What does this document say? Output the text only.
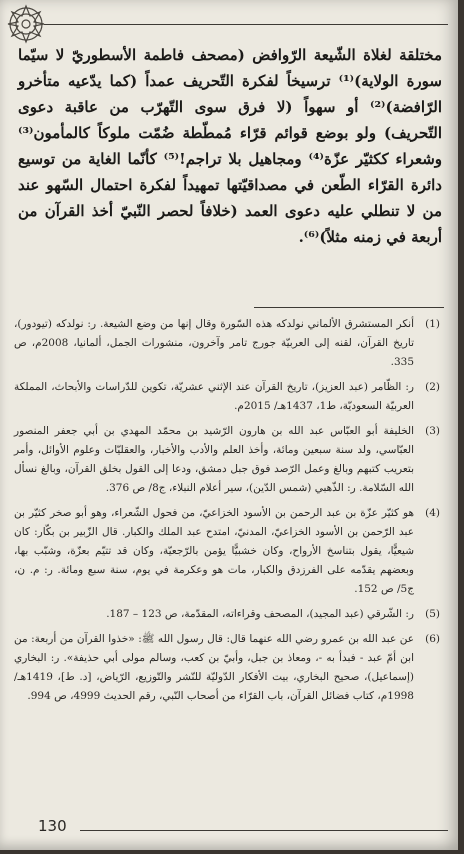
مختلقة لغلاة الشّيعة الرّوافض (مصحف فاطمة الأسطوريّ لا سيّما سورة الولاية)⁽¹⁾ ترسيخاً لفكرة التّحريف عمداً (كما يدّعيه متأخرو الرّافضة)⁽²⁾ أو سهواً (لا فرق سوى التّهرّب من عاقبة دعوى التّحريف) ولو بوضع قوائم قرّاء مُمطّطة ضُمّت ملوكاً كالمأمون⁽³⁾ وشعراء ككثيّر عزّة⁽⁴⁾ ومجاهيل بلا تراجم!⁽⁵⁾ كأنّما الغاية من توسيع دائرة القرّاء الطّعن في مصداقيّتها تمهيداً لفكرة احتمال السّهو عند من لا تنطلي عليه دعوى العمد (خلافاً لحصر النّبيّ أخذ القرآن من أربعة في زمنه مثلاً)⁽⁶⁾.

(1)
أنكر المستشرق الألماني نولدكه هذه السّورة وقال إنها من وضع الشيعة. ر: نولدكه (تيودور)، تاريخ القرآن، لقنه إلى العربيّة جورج تامر وآخرون، منشورات الجمل، ألمانيا، 2008م، ص 335.
(2)
ر: الظّامر (عبد العزيز)، تاريخ القرآن عند الإثني عشريّة، تكوين للدّراسات والأبحاث، المملكة العربيّة السعوديّة، ط1، 1437هـ/ 2015م.
(3)
الخليفة أبو العبّاس عبد الله بن هارون الرّشيد بن محمّد المهدي بن أبي جعفر المنصور العبّاسي، ولد سنة سبعين ومائة، وأخذ العلم والأدب والأخبار، والعقليّات وعلوم الأوائل، وأمر بتعريب كتبهم وبالغ وعمل الرّصد فوق جبل دمشق، ودعا إلى القول بخلق القرآن، وبالغ نسأل الله السّلامة. ر: الذّهبي (شمس الدّين)، سير أعلام النبلاء، ج8/ ص 376.
(4)
هو كثيّر عزّة بن عبد الرحمن بن الأسود الخزاعيّ، من فحول الشّعراء، وهو أبو صخر كثيّر بن عبد الرّحمن بن الأسود الخزاعيّ، المدنيّ، امتدح عبد الملك والكبار. قال الزّبير بن بكّار: كان شيعيًّا، يقول بتناسخ الأرواح، وكان خشبيًّا يؤمن بالرّجعيّة، وكان قد تتيّم بعزّة، وشبّب بها، وبعضهم يقدّمه على الفرزدق والكبار، مات هو وعكرمة في يوم، سنة سبع ومائة. ر: م. ن، ج5/ ص 152.
(5)
ر: الشّرقي (عبد المجيد)، المصحف وقراءاته، المقدّمة، ص 123 – 187.
(6)
عن عبد الله بن عمرو رضي الله عنهما قال: قال رسول الله ﷺ: «خذوا القرآن من أربعة: من ابن أمّ عبد - فبدأ به -، ومعاذ بن جبل، وأبيّ بن كعب، وسالم مولى أبي حذيفة». ر: البخاري (إسماعيل)، صحيح البخاري، بيت الأفكار الدّوليّة للنّشر والتّوزيع، الرّياض، [د. ط]، 1419هـ/ 1998م، كتاب فضائل القرآن، باب القرّاء من أصحاب النّبي، رقم الحديث 4999، ص 994.
130
